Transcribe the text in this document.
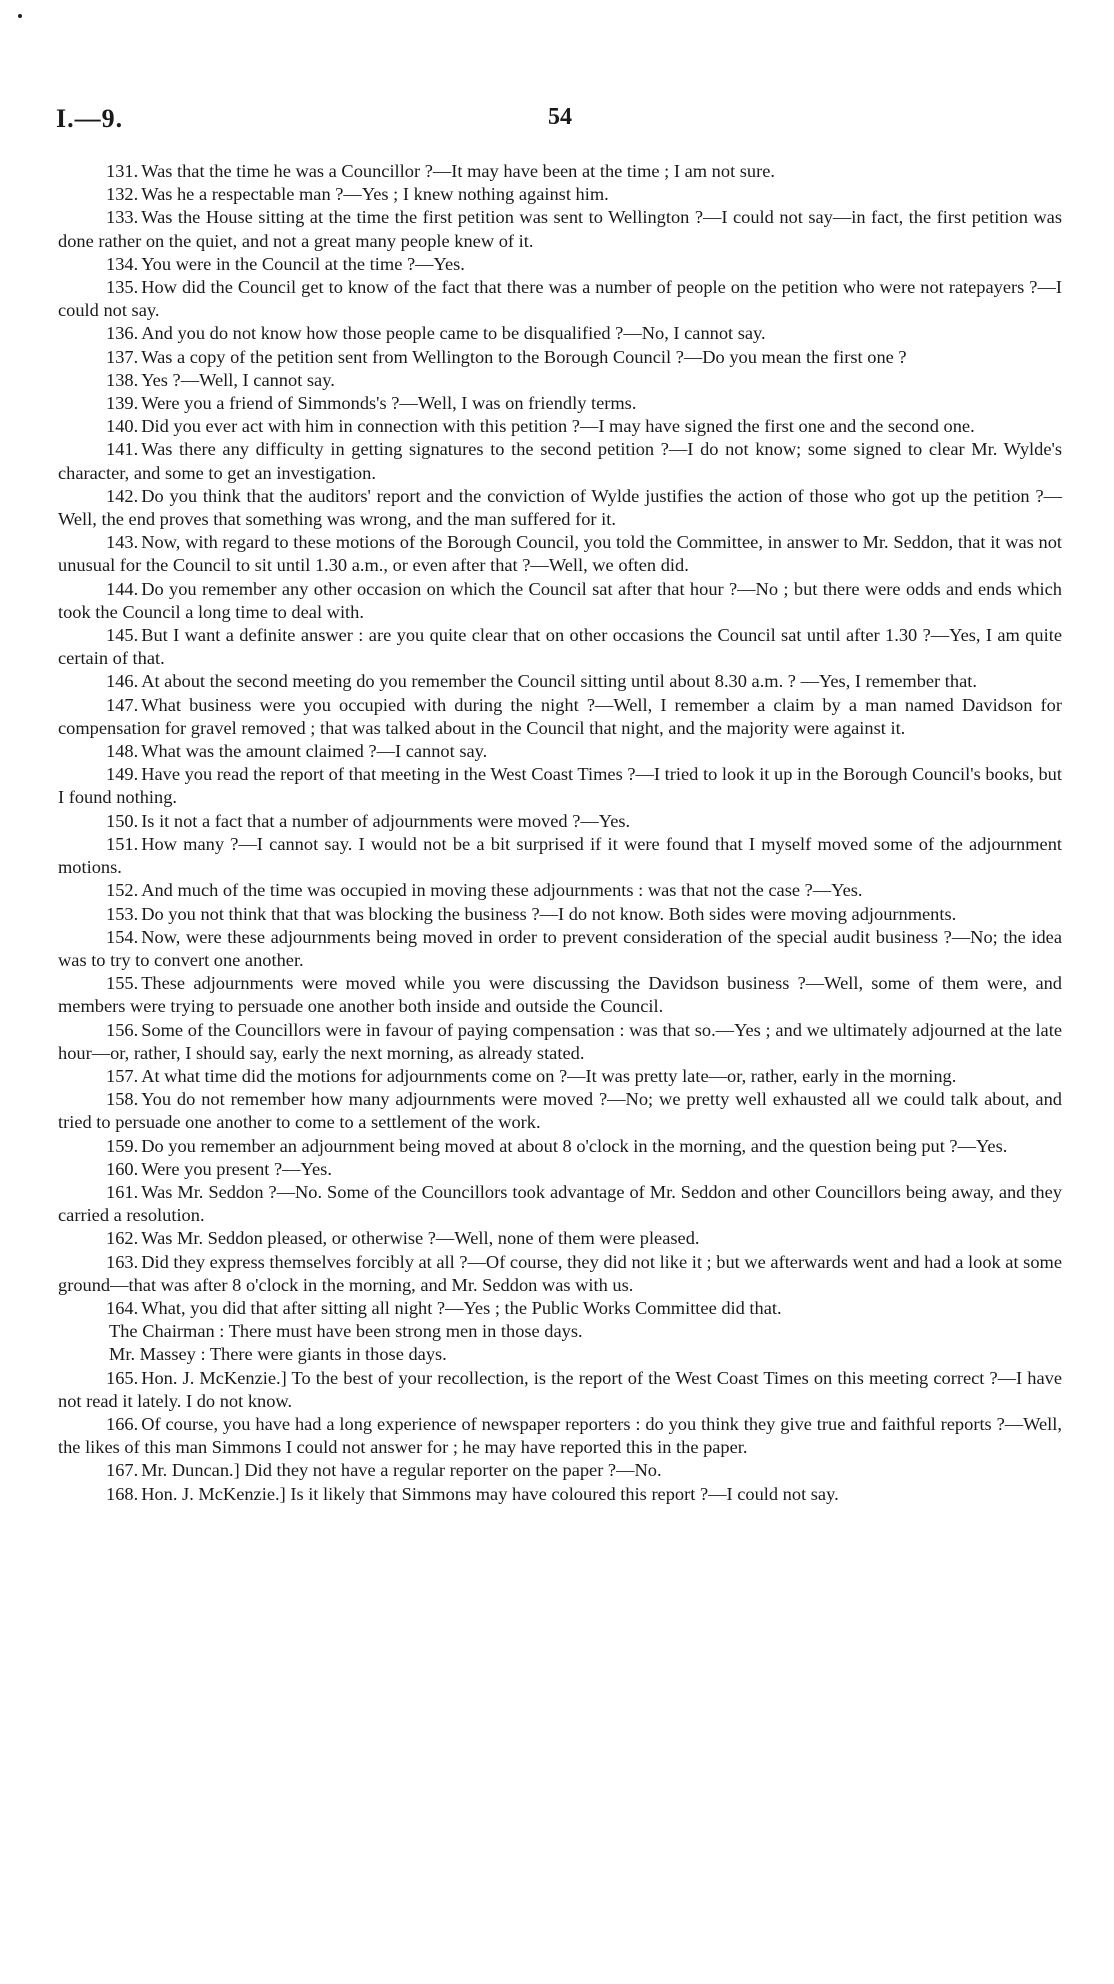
I.—9.	54

131. Was that the time he was a Councillor ?—It may have been at the time ; I am not sure.

132. Was he a respectable man ?—Yes ; I knew nothing against him.

133. Was the House sitting at the time the first petition was sent to Wellington ?—I could not say—in fact, the first petition was done rather on the quiet, and not a great many people knew of it.

134. You were in the Council at the time ?—Yes.

135. How did the Council get to know of the fact that there was a number of people on the petition who were not ratepayers ?—I could not say.

136. And you do not know how those people came to be disqualified ?—No, I cannot say.

137. Was a copy of the petition sent from Wellington to the Borough Council ?—Do you mean the first one ?

138. Yes ?—Well, I cannot say.

139. Were you a friend of Simmonds's ?—Well, I was on friendly terms.

140. Did you ever act with him in connection with this petition ?—I may have signed the first one and the second one.

141. Was there any difficulty in getting signatures to the second petition ?—I do not know; some signed to clear Mr. Wylde's character, and some to get an investigation.

142. Do you think that the auditors' report and the conviction of Wylde justifies the action of those who got up the petition ?—Well, the end proves that something was wrong, and the man suffered for it.

143. Now, with regard to these motions of the Borough Council, you told the Committee, in answer to Mr. Seddon, that it was not unusual for the Council to sit until 1.30 a.m., or even after that ?—Well, we often did.

144. Do you remember any other occasion on which the Council sat after that hour ?—No ; but there were odds and ends which took the Council a long time to deal with.

145. But I want a definite answer : are you quite clear that on other occasions the Council sat until after 1.30 ?—Yes, I am quite certain of that.

146. At about the second meeting do you remember the Council sitting until about 8.30 a.m. ? —Yes, I remember that.

147. What business were you occupied with during the night ?—Well, I remember a claim by a man named Davidson for compensation for gravel removed ; that was talked about in the Council that night, and the majority were against it.

148. What was the amount claimed ?—I cannot say.

149. Have you read the report of that meeting in the West Coast Times ?—I tried to look it up in the Borough Council's books, but I found nothing.

150. Is it not a fact that a number of adjournments were moved ?—Yes.

151. How many ?—I cannot say. I would not be a bit surprised if it were found that I myself moved some of the adjournment motions.

152. And much of the time was occupied in moving these adjournments : was that not the case ?—Yes.

153. Do you not think that that was blocking the business ?—I do not know. Both sides were moving adjournments.

154. Now, were these adjournments being moved in order to prevent consideration of the special audit business ?—No; the idea was to try to convert one another.

155. These adjournments were moved while you were discussing the Davidson business ?—Well, some of them were, and members were trying to persuade one another both inside and outside the Council.

156. Some of the Councillors were in favour of paying compensation : was that so.—Yes ; and we ultimately adjourned at the late hour—or, rather, I should say, early the next morning, as already stated.

157. At what time did the motions for adjournments come on ?—It was pretty late—or, rather, early in the morning.

158. You do not remember how many adjournments were moved ?—No; we pretty well exhausted all we could talk about, and tried to persuade one another to come to a settlement of the work.

159. Do you remember an adjournment being moved at about 8 o'clock in the morning, and the question being put ?—Yes.

160. Were you present ?—Yes.

161. Was Mr. Seddon ?—No. Some of the Councillors took advantage of Mr. Seddon and other Councillors being away, and they carried a resolution.

162. Was Mr. Seddon pleased, or otherwise ?—Well, none of them were pleased.

163. Did they express themselves forcibly at all ?—Of course, they did not like it ; but we afterwards went and had a look at some ground—that was after 8 o'clock in the morning, and Mr. Seddon was with us.

164. What, you did that after sitting all night ?—Yes ; the Public Works Committee did that.

The Chairman : There must have been strong men in those days.

Mr. Massey : There were giants in those days.

165. Hon. J. McKenzie.] To the best of your recollection, is the report of the West Coast Times on this meeting correct ?—I have not read it lately. I do not know.

166. Of course, you have had a long experience of newspaper reporters : do you think they give true and faithful reports ?—Well, the likes of this man Simmons I could not answer for ; he may have reported this in the paper.

167. Mr. Duncan.] Did they not have a regular reporter on the paper ?—No.

168. Hon. J. McKenzie.] Is it likely that Simmons may have coloured this report ?—I could not say.
